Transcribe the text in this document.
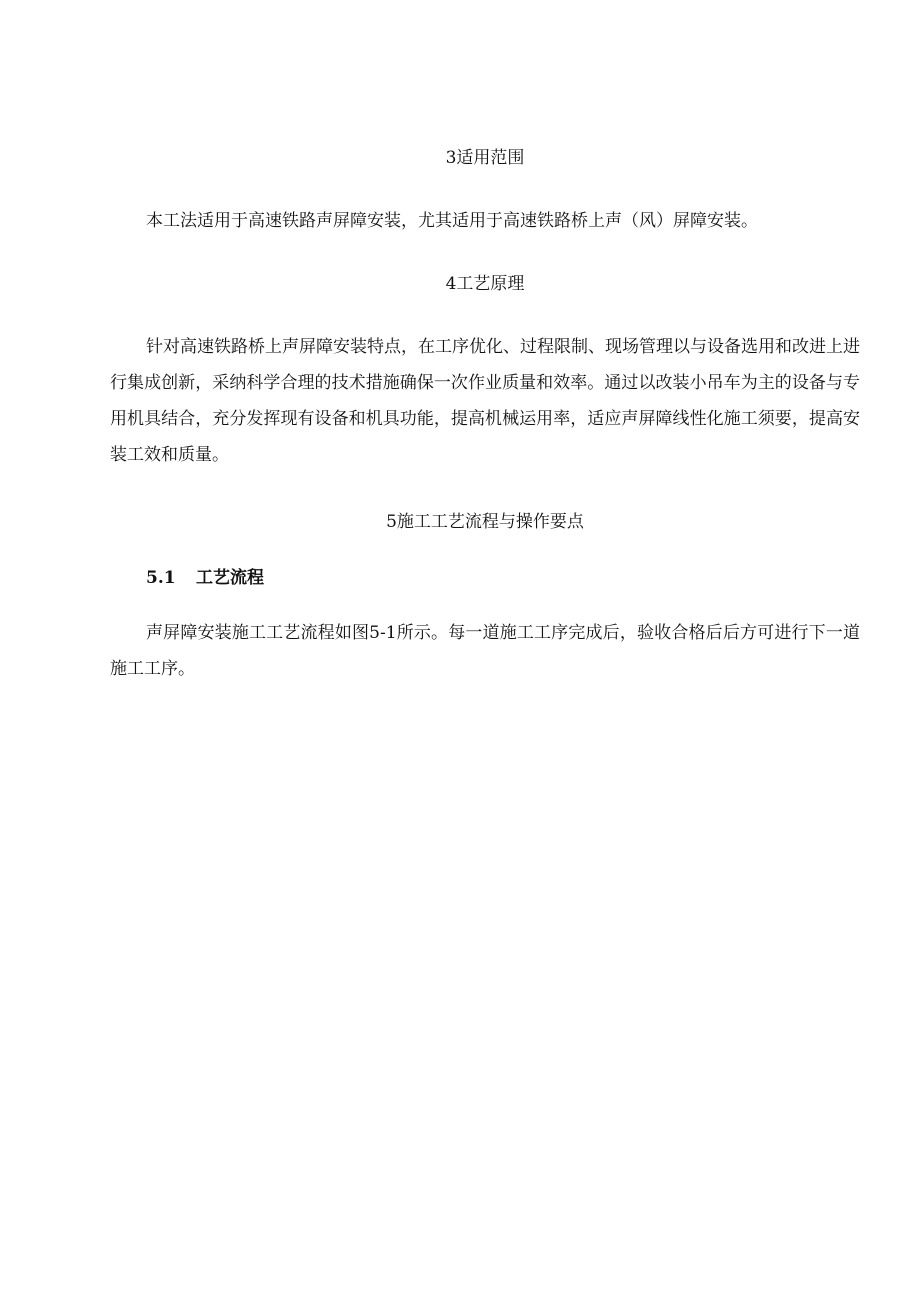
3适用范围

本工法适用于高速铁路声屏障安装，尤其适用于高速铁路桥上声（风）屏障安装。

4工艺原理

针对高速铁路桥上声屏障安装特点，在工序优化、过程限制、现场管理以与设备选用和改进上进行集成创新，采纳科学合理的技术措施确保一次作业质量和效率。通过以改装小吊车为主的设备与专用机具结合，充分发挥现有设备和机具功能，提高机械运用率，适应声屏障线性化施工须要，提高安装工效和质量。

5施工工艺流程与操作要点

5.1 工艺流程

声屏障安装施工工艺流程如图5-1所示。每一道施工工序完成后，验收合格后后方可进行下一道施工工序。
